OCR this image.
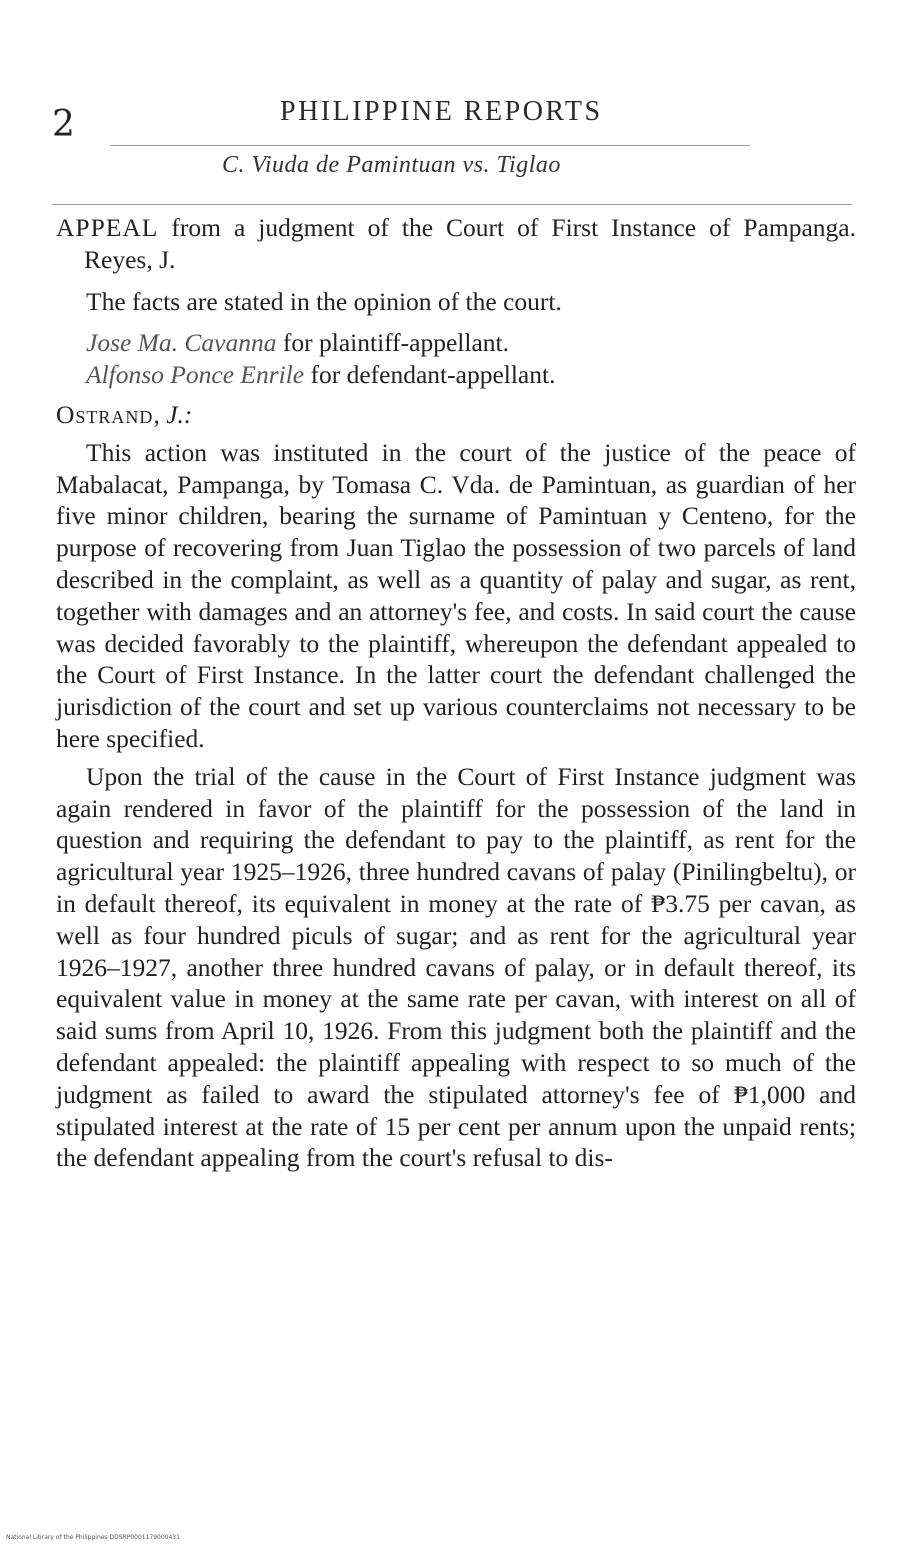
2	PHILIPPINE REPORTS
C. Viuda de Pamintuan vs. Tiglao

APPEAL from a judgment of the Court of First Instance of Pampanga. Reyes, J.

The facts are stated in the opinion of the court.

Jose Ma. Cavanna for plaintiff-appellant.
Alfonso Ponce Enrile for defendant-appellant.

Ostrand, J.:

This action was instituted in the court of the justice of the peace of Mabalacat, Pampanga, by Tomasa C. Vda. de Pamintuan, as guardian of her five minor children, bearing the surname of Pamintuan y Centeno, for the purpose of recovering from Juan Tiglao the possession of two parcels of land described in the complaint, as well as a quantity of palay and sugar, as rent, together with damages and an attorney's fee, and costs. In said court the cause was decided favorably to the plaintiff, whereupon the defendant appealed to the Court of First Instance. In the latter court the defendant challenged the jurisdiction of the court and set up various counterclaims not necessary to be here specified.

Upon the trial of the cause in the Court of First Instance judgment was again rendered in favor of the plaintiff for the possession of the land in question and requiring the defendant to pay to the plaintiff, as rent for the agricultural year 1925–1926, three hundred cavans of palay (Pinilingbeltu), or in default thereof, its equivalent in money at the rate of ₱3.75 per cavan, as well as four hundred piculs of sugar; and as rent for the agricultural year 1926–1927, another three hundred cavans of palay, or in default thereof, its equivalent value in money at the same rate per cavan, with interest on all of said sums from April 10, 1926. From this judgment both the plaintiff and the defendant appealed: the plaintiff appealing with respect to so much of the judgment as failed to award the stipulated attorney's fee of ₱1,000 and stipulated interest at the rate of 15 per cent per annum upon the unpaid rents; the defendant appealing from the court's refusal to dis-

National Library of the Philippines DDSRP0001179000431
